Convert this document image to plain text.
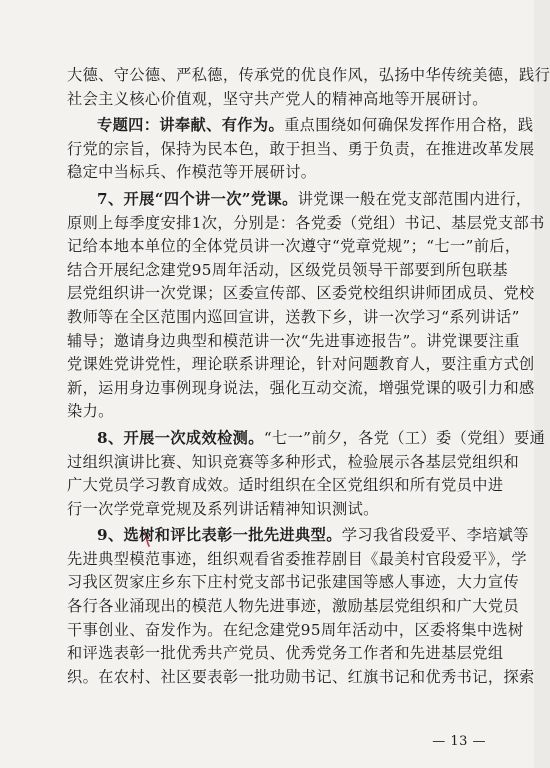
大德、守公德、严私德，传承党的优良作风，弘扬中华传统美德，践行
社会主义核心价值观，坚守共产党人的精神高地等开展研讨。
专题四：讲奉献、有作为。重点围绕如何确保发挥作用合格，践
行党的宗旨，保持为民本色，敢于担当、勇于负责，在推进改革发展
稳定中当标兵、作模范等开展研讨。
7、开展“四个讲一次”党课。讲党课一般在党支部范围内进行，
原则上每季度安排1次，分别是：各党委（党组）书记、基层党支部书
记给本地本单位的全体党员讲一次遵守“党章党规”；“七一”前后，
结合开展纪念建党95周年活动，区级党员领导干部要到所包联基
层党组织讲一次党课；区委宣传部、区委党校组织讲师团成员、党校
教师等在全区范围内巡回宣讲，送教下乡，讲一次学习“系列讲话”
辅导；邀请身边典型和模范讲一次“先进事迹报告”。讲党课要注重
党课姓党讲党性，理论联系讲理论，针对问题教育人，要注重方式创
新，运用身边事例现身说法，强化互动交流，增强党课的吸引力和感
染力。
8、开展一次成效检测。“七一”前夕，各党（工）委（党组）要通
过组织演讲比赛、知识竞赛等多种形式，检验展示各基层党组织和
广大党员学习教育成效。适时组织在全区党组织和所有党员中进
行一次学党章党规及系列讲话精神知识测试。
9、选树和评比表彰一批先进典型。学习我省段爱平、李培斌等
先进典型模范事迹，组织观看省委推荐剧目《最美村官段爱平》，学
习我区贺家庄乡东下庄村党支部书记张建国等感人事迹，大力宣传
各行各业涌现出的模范人物先进事迹，激励基层党组织和广大党员
干事创业、奋发作为。在纪念建党95周年活动中，区委将集中选树
和评选表彰一批优秀共产党员、优秀党务工作者和先进基层党组
织。在农村、社区要表彰一批功勋书记、红旗书记和优秀书记，探索
— 13 —
